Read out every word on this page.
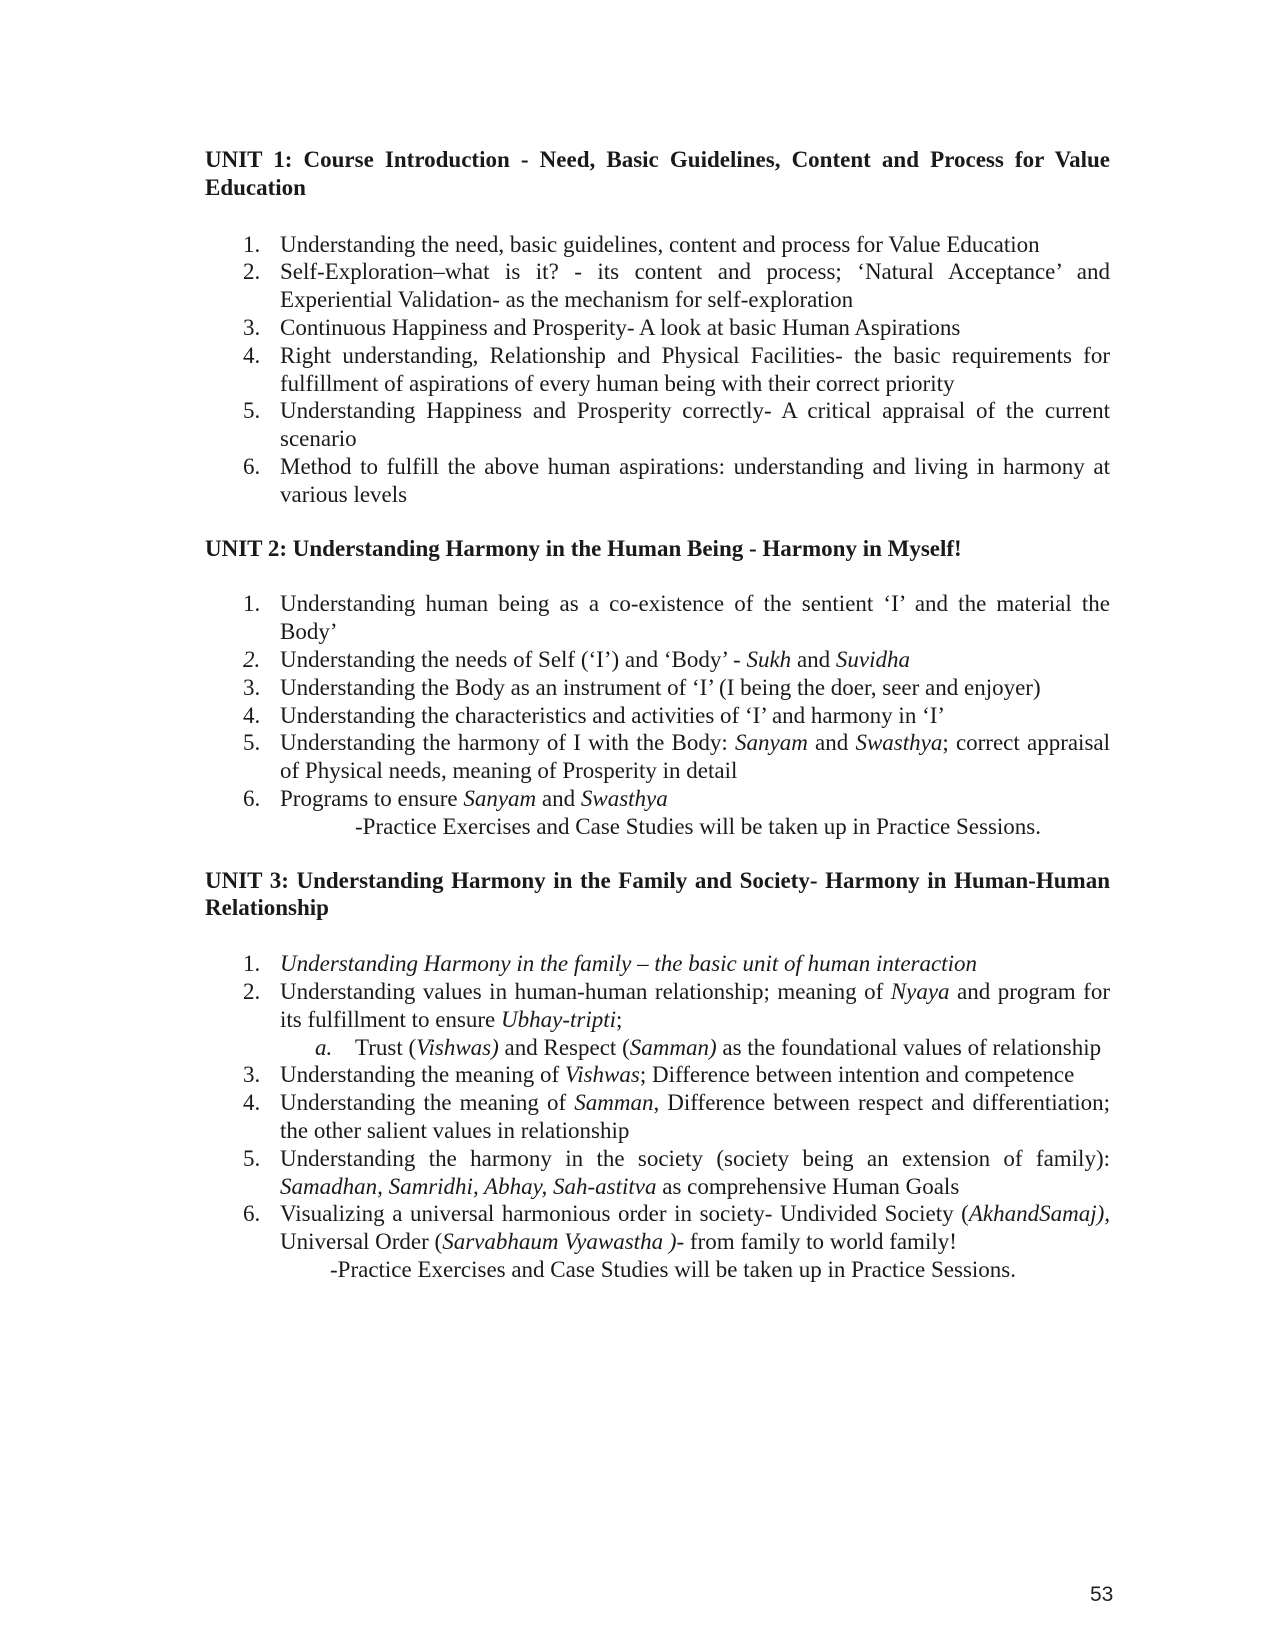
UNIT 1: Course Introduction - Need, Basic Guidelines, Content and Process for Value Education

1. Understanding the need, basic guidelines, content and process for Value Education
2. Self-Exploration–what is it? - its content and process; ‘Natural Acceptance’ and Experiential Validation- as the mechanism for self-exploration
3. Continuous Happiness and Prosperity- A look at basic Human Aspirations
4. Right understanding, Relationship and Physical Facilities- the basic requirements for fulfillment of aspirations of every human being with their correct priority
5. Understanding Happiness and Prosperity correctly- A critical appraisal of the current scenario
6. Method to fulfill the above human aspirations: understanding and living in harmony at various levels

UNIT 2: Understanding Harmony in the Human Being - Harmony in Myself!

1. Understanding human being as a co-existence of the sentient ‘I’ and the material the Body’
2. Understanding the needs of Self (‘I’) and ‘Body’ - Sukh and Suvidha
3. Understanding the Body as an instrument of ‘I’ (I being the doer, seer and enjoyer)
4. Understanding the characteristics and activities of ‘I’ and harmony in ‘I’
5. Understanding the harmony of I with the Body: Sanyam and Swasthya; correct appraisal of Physical needs, meaning of Prosperity in detail
6. Programs to ensure Sanyam and Swasthya
-Practice Exercises and Case Studies will be taken up in Practice Sessions.

UNIT 3: Understanding Harmony in the Family and Society- Harmony in Human-Human Relationship

1. Understanding Harmony in the family – the basic unit of human interaction
2. Understanding values in human-human relationship; meaning of Nyaya and program for its fulfillment to ensure Ubhay-tripti;
a. Trust (Vishwas) and Respect (Samman) as the foundational values of relationship
3. Understanding the meaning of Vishwas; Difference between intention and competence
4. Understanding the meaning of Samman, Difference between respect and differentiation; the other salient values in relationship
5. Understanding the harmony in the society (society being an extension of family): Samadhan, Samridhi, Abhay, Sah-astitva as comprehensive Human Goals
6. Visualizing a universal harmonious order in society- Undivided Society (AkhandSamaj), Universal Order (Sarvabhaum Vyawastha )- from family to world family!
-Practice Exercises and Case Studies will be taken up in Practice Sessions.
53
